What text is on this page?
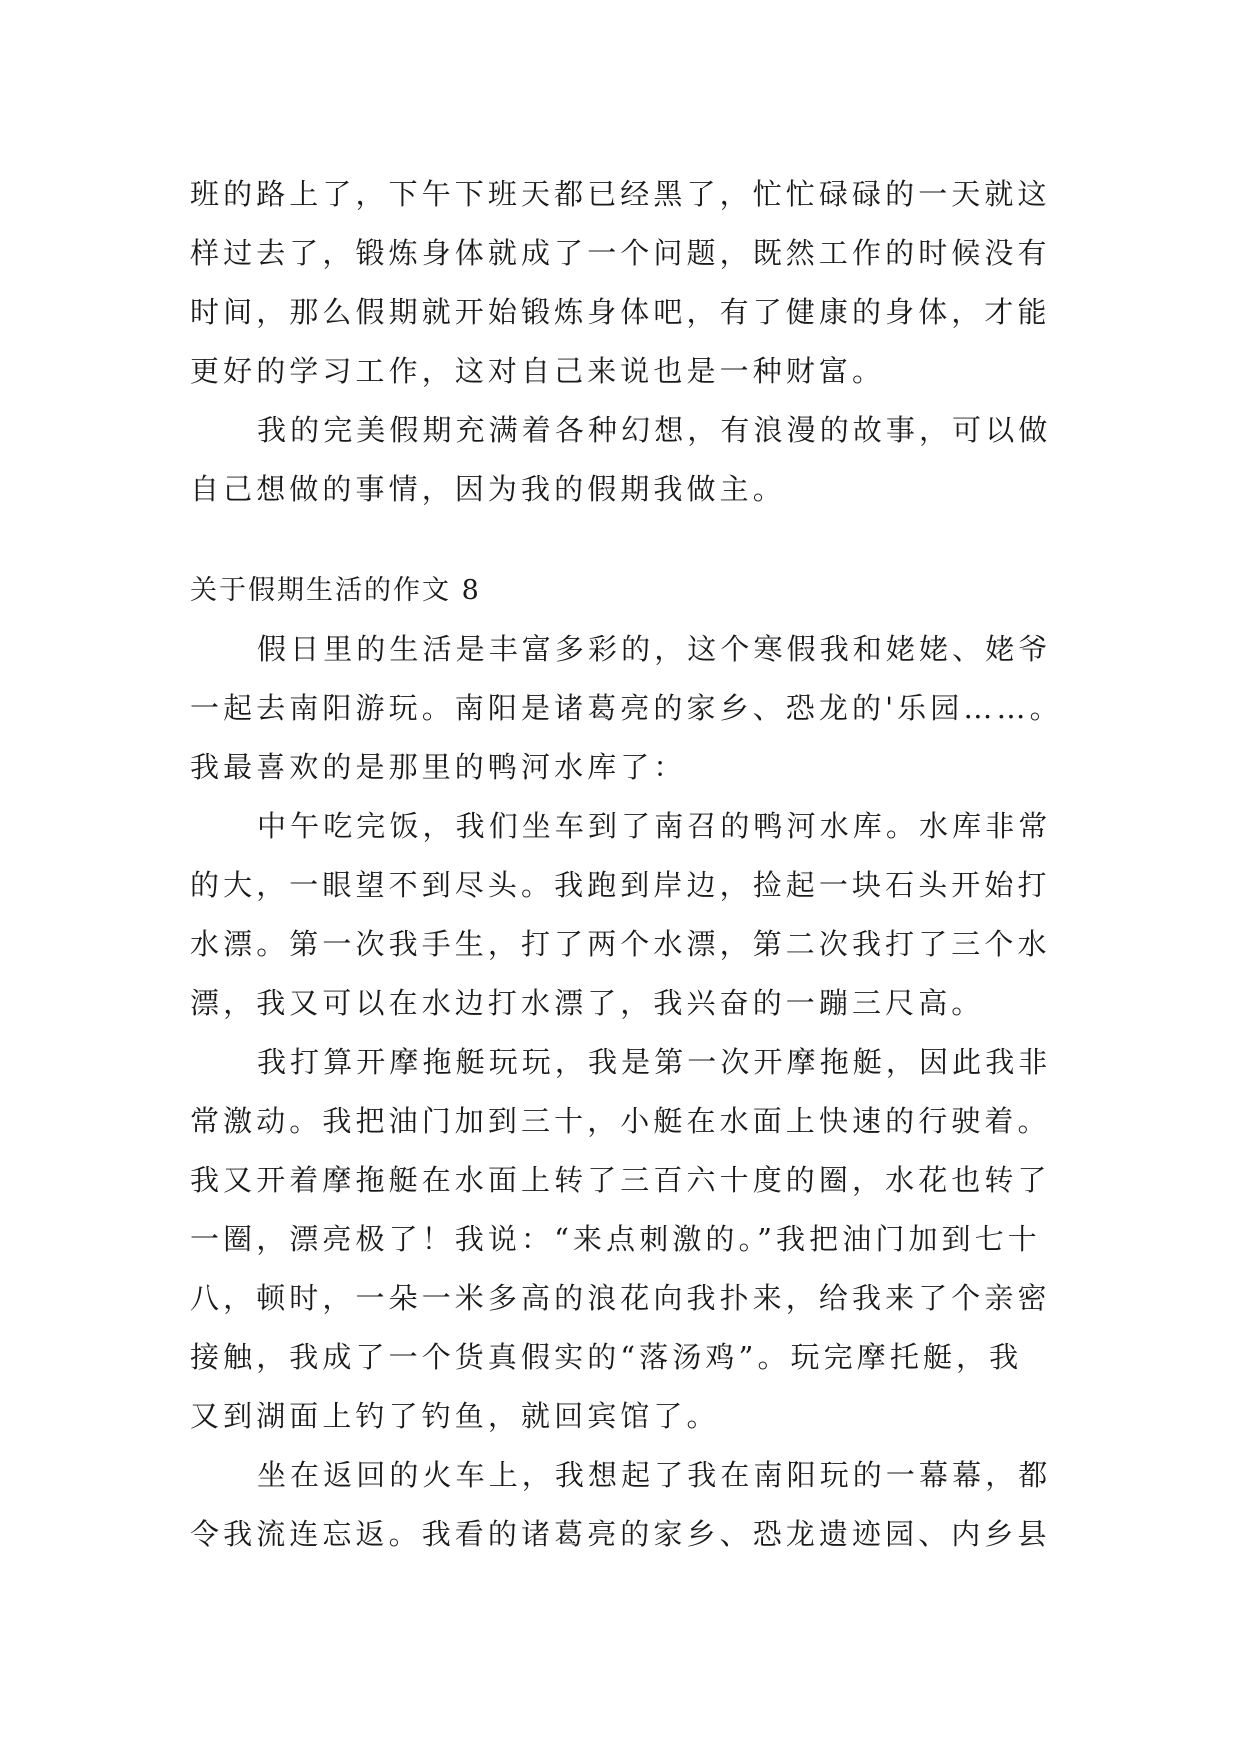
班的路上了，下午下班天都已经黑了，忙忙碌碌的一天就这
样过去了，锻炼身体就成了一个问题，既然工作的时候没有
时间，那么假期就开始锻炼身体吧，有了健康的身体，才能
更好的学习工作，这对自己来说也是一种财富。
我的完美假期充满着各种幻想，有浪漫的故事，可以做
自己想做的事情，因为我的假期我做主。
关于假期生活的作文 8
假日里的生活是丰富多彩的，这个寒假我和姥姥、姥爷
一起去南阳游玩。南阳是诸葛亮的家乡、恐龙的'乐园……。
我最喜欢的是那里的鸭河水库了：
中午吃完饭，我们坐车到了南召的鸭河水库。水库非常
的大，一眼望不到尽头。我跑到岸边，捡起一块石头开始打
水漂。第一次我手生，打了两个水漂，第二次我打了三个水
漂，我又可以在水边打水漂了，我兴奋的一蹦三尺高。
我打算开摩拖艇玩玩，我是第一次开摩拖艇，因此我非
常激动。我把油门加到三十，小艇在水面上快速的行驶着。
我又开着摩拖艇在水面上转了三百六十度的圈，水花也转了
一圈，漂亮极了！我说：“来点刺激的。”我把油门加到七十
八，顿时，一朵一米多高的浪花向我扑来，给我来了个亲密
接触，我成了一个货真假实的“落汤鸡”。玩完摩托艇，我
又到湖面上钓了钓鱼，就回宾馆了。
坐在返回的火车上，我想起了我在南阳玩的一幕幕，都
令我流连忘返。我看的诸葛亮的家乡、恐龙遗迹园、内乡县
